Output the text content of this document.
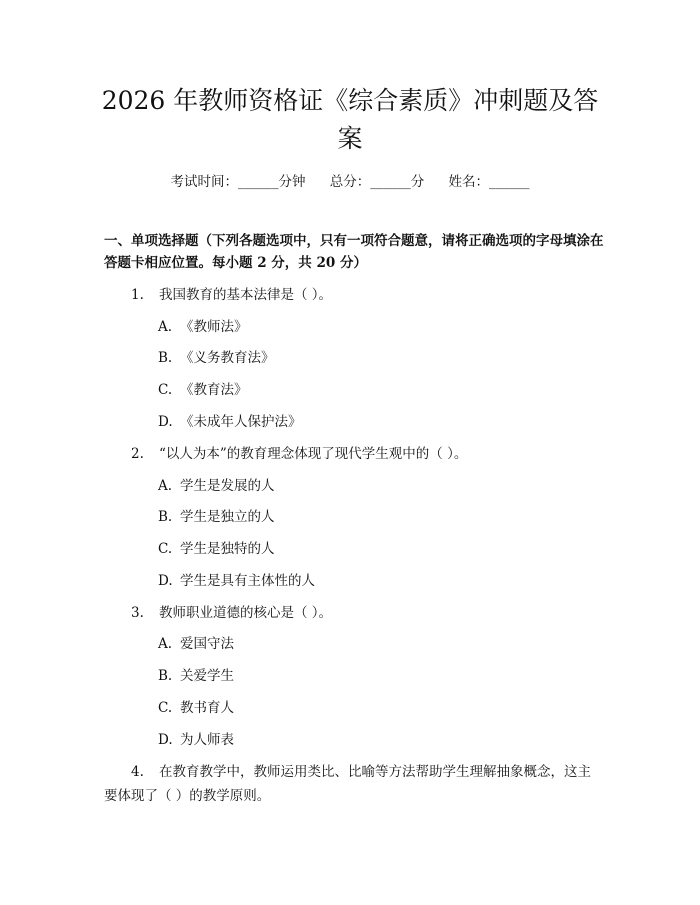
2026 年教师资格证《综合素质》冲刺题及答案
考试时间：______分钟 总分：______分 姓名：______

一、单项选择题（下列各题选项中，只有一项符合题意，请将正确选项的字母填涂在答题卡相应位置。每小题 2 分，共 20 分）

1. 我国教育的基本法律是（ ）。
A. 《教师法》
B. 《义务教育法》
C. 《教育法》
D. 《未成年人保护法》
2. “以人为本”的教育理念体现了现代学生观中的（ ）。
A. 学生是发展的人
B. 学生是独立的人
C. 学生是独特的人
D. 学生是具有主体性的人
3. 教师职业道德的核心是（ ）。
A. 爱国守法
B. 关爱学生
C. 教书育人
D. 为人师表

4. 在教育教学中，教师运用类比、比喻等方法帮助学生理解抽象概念，这主要体现了（ ）的教学原则。
